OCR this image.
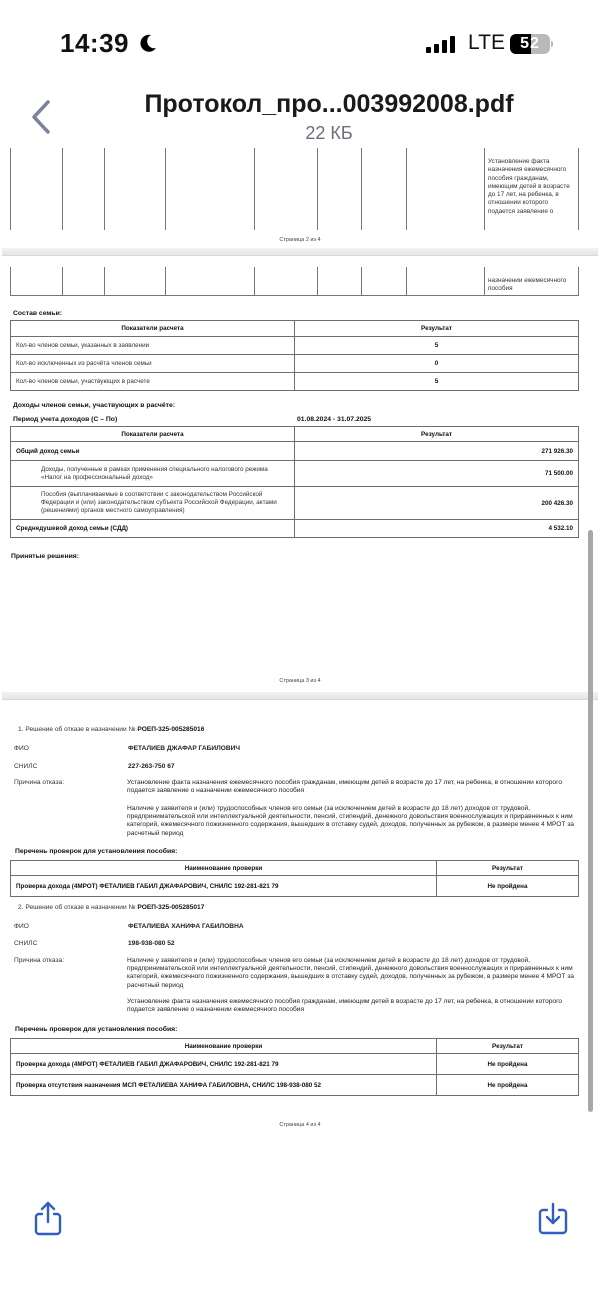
14:39	LTE 52
Протокол_про...003992008.pdf
22 КБ
Установление факта назначения ежемесячного пособия гражданам, имеющим детей в возрасте до 17 лет, на ребенка, в отношении которого подается заявление о
Страница 2 из 4
назначении ежемесячного пособия
Состав семьи:
Показатели расчета	Результат
Кол-во членов семьи, указанных в заявлении	5
Кол-во исключенных из расчёта членов семьи	0
Кол-во членов семьи, участвующих в расчете	5
Доходы членов семьи, участвующих в расчёте:
Период учета доходов (С – По)	01.08.2024 - 31.07.2025
Показатели расчета	Результат
Общий доход семьи	271 926.30
Доходы, полученные в рамках применения специального налогового режима «Налог на профессиональный доход»	71 500.00
Пособия (выплачиваемые в соответствии с законодательством Российской Федерации и (или) законодательством субъекта Российской Федерации, актами (решениями) органов местного самоуправления)	200 426.30
Среднедушевой доход семьи (СДД)	4 532.10
Принятые решения:
Страница 3 из 4
1. Решение об отказе в назначении № РОЕП-325-005285016
ФИО	ФЕТАЛИЕВ ДЖАФАР ГАБИЛОВИЧ
СНИЛС	227-263-750 67
Причина отказа:	Установление факта назначения ежемесячного пособия гражданам, имеющим детей в возрасте до 17 лет, на ребенка, в отношении которого подается заявление о назначении ежемесячного пособия
Наличие у заявителя и (или) трудоспособных членов его семьи (за исключением детей в возрасте до 18 лет) доходов от трудовой, предпринимательской или интеллектуальной деятельности, пенсий, стипендий, денежного довольствия военнослужащих и приравненных к ним категорий, ежемесячного пожизненного содержания, вышедших в отставку судей, доходов, полученных за рубежом, в размере менее 4 МРОТ за расчетный период
Перечень проверок для установления пособия:
Наименование проверки	Результат
Проверка дохода (4МРОТ) ФЕТАЛИЕВ ГАБИЛ ДЖАФАРОВИЧ, СНИЛС 192-281-821 79	Не пройдена
2. Решение об отказе в назначении № РОЕП-325-005285017
ФИО	ФЕТАЛИЕВА ХАНИФА ГАБИЛОВНА
СНИЛС	198-938-080 52
Причина отказа:	Наличие у заявителя и (или) трудоспособных членов его семьи (за исключением детей в возрасте до 18 лет) доходов от трудовой, предпринимательской или интеллектуальной деятельности, пенсий, стипендий, денежного довольствия военнослужащих и приравненных к ним категорий, ежемесячного пожизненного содержания, вышедших в отставку судей, доходов, полученных за рубежом, в размере менее 4 МРОТ за расчетный период
Установление факта назначения ежемесячного пособия гражданам, имеющим детей в возрасте до 17 лет, на ребенка, в отношении которого подается заявление о назначении ежемесячного пособия
Перечень проверок для установления пособия:
Наименование проверки	Результат
Проверка дохода (4МРОТ) ФЕТАЛИЕВ ГАБИЛ ДЖАФАРОВИЧ, СНИЛС 192-281-821 79	Не пройдена
Проверка отсутствия назначения МСП ФЕТАЛИЕВА ХАНИФА ГАБИЛОВНА, СНИЛС 198-938-080 52	Не пройдена
Страница 4 из 4
